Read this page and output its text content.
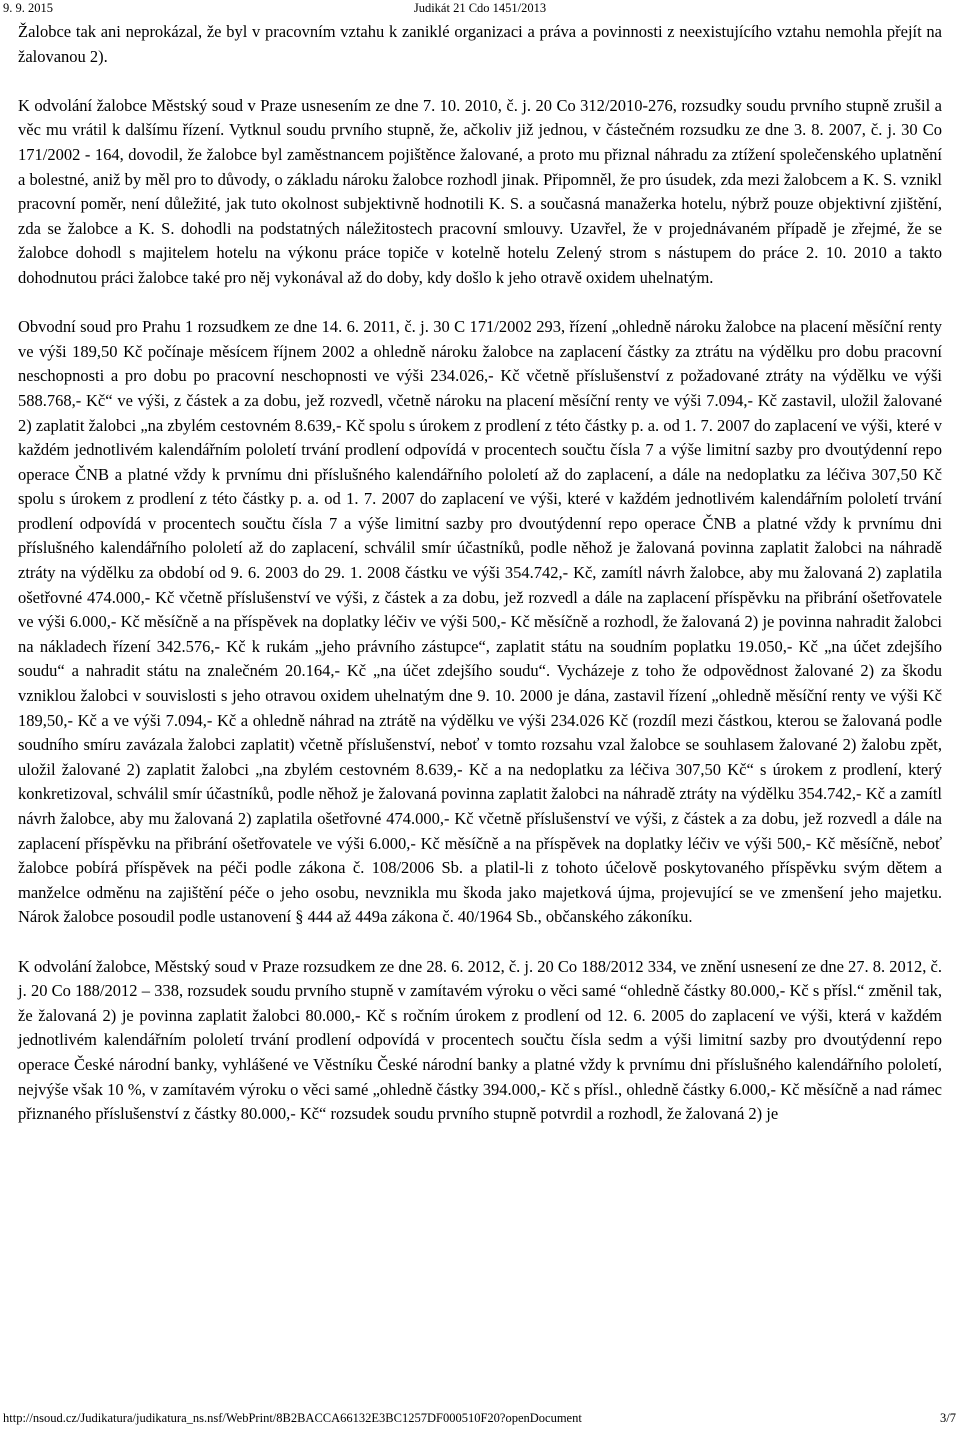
9. 9. 2015	Judikát 21 Cdo 1451/2013

Žalobce tak ani neprokázal, že byl v pracovním vztahu k zaniklé organizaci a práva a povinnosti z neexistujícího vztahu nemohla přejít na žalovanou 2).

K odvolání žalobce Městský soud v Praze usnesením ze dne 7. 10. 2010, č. j. 20 Co 312/2010-276, rozsudky soudu prvního stupně zrušil a věc mu vrátil k dalšímu řízení. Vytknul soudu prvního stupně, že, ačkoliv již jednou, v částečném rozsudku ze dne 3. 8. 2007, č. j. 30 Co 171/2002 - 164, dovodil, že žalobce byl zaměstnancem pojištěnce žalované, a proto mu přiznal náhradu za ztížení společenského uplatnění a bolestné, aniž by měl pro to důvody, o základu nároku žalobce rozhodl jinak. Připomněl, že pro úsudek, zda mezi žalobcem a K. S. vznikl pracovní poměr, není důležité, jak tuto okolnost subjektivně hodnotili K. S. a současná manažerka hotelu, nýbrž pouze objektivní zjištění, zda se žalobce a K. S. dohodli na podstatných náležitostech pracovní smlouvy. Uzavřel, že v projednávaném případě je zřejmé, že se žalobce dohodl s majitelem hotelu na výkonu práce topiče v kotelně hotelu Zelený strom s nástupem do práce 2. 10. 2010 a takto dohodnutou práci žalobce také pro něj vykonával až do doby, kdy došlo k jeho otravě oxidem uhelnatým.

Obvodní soud pro Prahu 1 rozsudkem ze dne 14. 6. 2011, č. j. 30 C 171/2002 293, řízení „ohledně nároku žalobce na placení měsíční renty ve výši 189,50 Kč počínaje měsícem říjnem 2002 a ohledně nároku žalobce na zaplacení částky za ztrátu na výdělku pro dobu pracovní neschopnosti a pro dobu po pracovní neschopnosti ve výši 234.026,- Kč včetně příslušenství z požadované ztráty na výdělku ve výši 588.768,- Kč“ ve výši, z částek a za dobu, jež rozvedl, včetně nároku na placení měsíční renty ve výši 7.094,- Kč zastavil, uložil žalované 2) zaplatit žalobci „na zbylém cestovném 8.639,- Kč spolu s úrokem z prodlení z této částky p. a. od 1. 7. 2007 do zaplacení ve výši, které v každém jednotlivém kalendářním pololetí trvání prodlení odpovídá v procentech součtu čísla 7 a výše limitní sazby pro dvoutýdenní repo operace ČNB a platné vždy k prvnímu dni příslušného kalendářního pololetí až do zaplacení, a dále na nedoplatku za léčiva 307,50 Kč spolu s úrokem z prodlení z této částky p. a. od 1. 7. 2007 do zaplacení ve výši, které v každém jednotlivém kalendářním pololetí trvání prodlení odpovídá v procentech součtu čísla 7 a výše limitní sazby pro dvoutýdenní repo operace ČNB a platné vždy k prvnímu dni příslušného kalendářního pololetí až do zaplacení, schválil smír účastníků, podle něhož je žalovaná povinna zaplatit žalobci na náhradě ztráty na výdělku za období od 9. 6. 2003 do 29. 1. 2008 částku ve výši 354.742,- Kč, zamítl návrh žalobce, aby mu žalovaná 2) zaplatila ošetřovné 474.000,- Kč včetně příslušenství ve výši, z částek a za dobu, jež rozvedl a dále na zaplacení příspěvku na přibrání ošetřovatele ve výši 6.000,- Kč měsíčně a na příspěvek na doplatky léčiv ve výši 500,- Kč měsíčně a rozhodl, že žalovaná 2) je povinna nahradit žalobci na nákladech řízení 342.576,- Kč k rukám „jeho právního zástupce“, zaplatit státu na soudním poplatku 19.050,- Kč „na účet zdejšího soudu“ a nahradit státu na znalečném 20.164,- Kč „na účet zdejšího soudu“. Vycházeje z toho že odpovědnost žalované 2) za škodu vzniklou žalobci v souvislosti s jeho otravou oxidem uhelnatým dne 9. 10. 2000 je dána, zastavil řízení „ohledně měsíční renty ve výši Kč 189,50,- Kč a ve výši 7.094,- Kč a ohledně náhrad na ztrátě na výdělku ve výši 234.026 Kč (rozdíl mezi částkou, kterou se žalovaná podle soudního smíru zavázala žalobci zaplatit) včetně příslušenství, neboť v tomto rozsahu vzal žalobce se souhlasem žalované 2) žalobu zpět, uložil žalované 2) zaplatit žalobci „na zbylém cestovném 8.639,- Kč a na nedoplatku za léčiva 307,50 Kč“ s úrokem z prodlení, který konkretizoval, schválil smír účastníků, podle něhož je žalovaná povinna zaplatit žalobci na náhradě ztráty na výdělku 354.742,- Kč a zamítl návrh žalobce, aby mu žalovaná 2) zaplatila ošetřovné 474.000,- Kč včetně příslušenství ve výši, z částek a za dobu, jež rozvedl a dále na zaplacení příspěvku na přibrání ošetřovatele ve výši 6.000,- Kč měsíčně a na příspěvek na doplatky léčiv ve výši 500,- Kč měsíčně, neboť žalobce pobírá příspěvek na péči podle zákona č. 108/2006 Sb. a platil-li z tohoto účelově poskytovaného příspěvku svým dětem a manželce odměnu na zajištění péče o jeho osobu, nevznikla mu škoda jako majetková újma, projevující se ve zmenšení jeho majetku. Nárok žalobce posoudil podle ustanovení § 444 až 449a zákona č. 40/1964 Sb., občanského zákoníku.

K odvolání žalobce, Městský soud v Praze rozsudkem ze dne 28. 6. 2012, č. j. 20 Co 188/2012 334, ve znění usnesení ze dne 27. 8. 2012, č. j. 20 Co 188/2012 – 338, rozsudek soudu prvního stupně v zamítavém výroku o věci samé “ohledně částky 80.000,- Kč s přísl.“ změnil tak, že žalovaná 2) je povinna zaplatit žalobci 80.000,- Kč s ročním úrokem z prodlení od 12. 6. 2005 do zaplacení ve výši, která v každém jednotlivém kalendářním pololetí trvání prodlení odpovídá v procentech součtu čísla sedm a výši limitní sazby pro dvoutýdenní repo operace České národní banky, vyhlášené ve Věstníku České národní banky a platné vždy k prvnímu dni příslušného kalendářního pololetí, nejvýše však 10 %, v zamítavém výroku o věci samé „ohledně částky 394.000,- Kč s přísl., ohledně částky 6.000,- Kč měsíčně a nad rámec přiznaného příslušenství z částky 80.000,- Kč“ rozsudek soudu prvního stupně potvrdil a rozhodl, že žalovaná 2) je

http://nsoud.cz/Judikatura/judikatura_ns.nsf/WebPrint/8B2BACCA66132E3BC1257DF000510F20?openDocument	3/7
